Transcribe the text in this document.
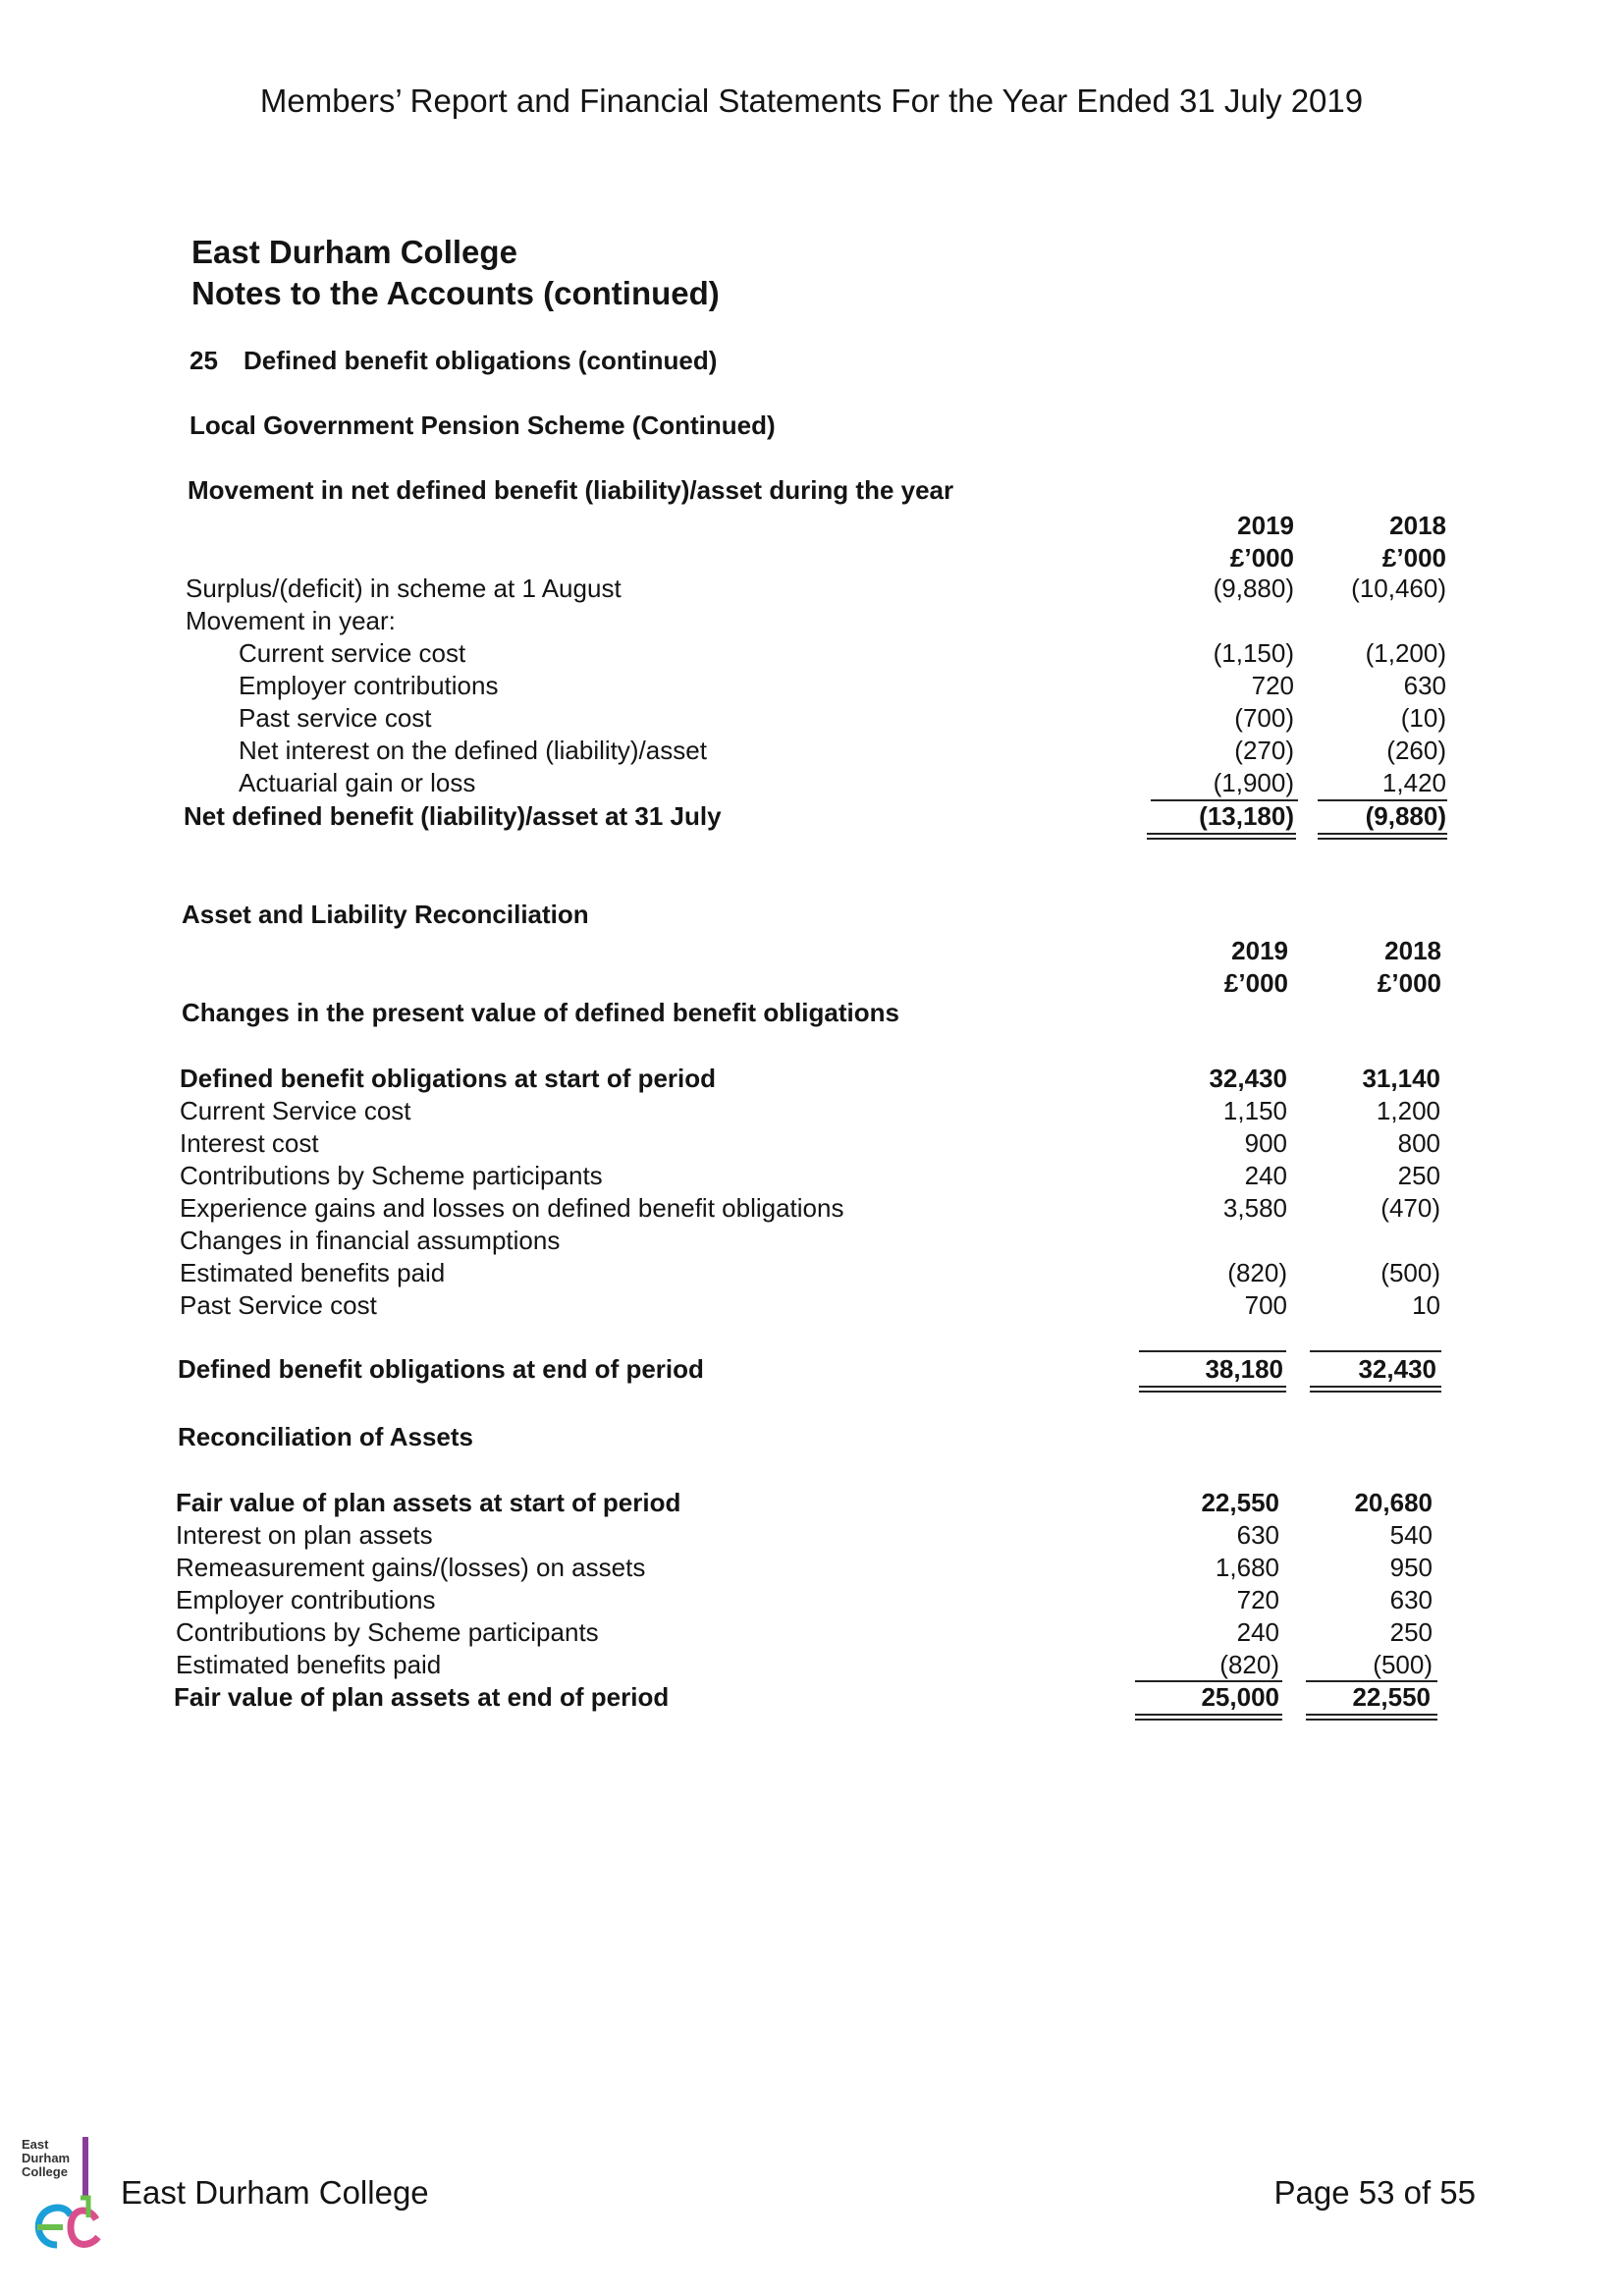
Members’ Report and Financial Statements For the Year Ended 31 July 2019
East Durham College
Notes to the Accounts (continued)
25 Defined benefit obligations (continued)
Local Government Pension Scheme (Continued)
Movement in net defined benefit (liability)/asset during the year
2019	2018
£’000	£’000
Surplus/(deficit) in scheme at 1 August	(9,880)	(10,460)
Movement in year:
Current service cost	(1,150)	(1,200)
Employer contributions	720	630
Past service cost	(700)	(10)
Net interest on the defined (liability)/asset	(270)	(260)
Actuarial gain or loss	(1,900)	1,420
Net defined benefit (liability)/asset at 31 July	(13,180)	(9,880)
Asset and Liability Reconciliation
2019	2018
£’000	£’000
Changes in the present value of defined benefit obligations
Defined benefit obligations at start of period	32,430	31,140
Current Service cost	1,150	1,200
Interest cost	900	800
Contributions by Scheme participants	240	250
Experience gains and losses on defined benefit obligations	3,580	(470)
Changes in financial assumptions
Estimated benefits paid	(820)	(500)
Past Service cost	700	10
Defined benefit obligations at end of period	38,180	32,430
Reconciliation of Assets
Fair value of plan assets at start of period	22,550	20,680
Interest on plan assets	630	540
Remeasurement gains/(losses) on assets	1,680	950
Employer contributions	720	630
Contributions by Scheme participants	240	250
Estimated benefits paid	(820)	(500)
Fair value of plan assets at end of period	25,000	22,550
East
Durham
College
East Durham College	Page 53 of 55
